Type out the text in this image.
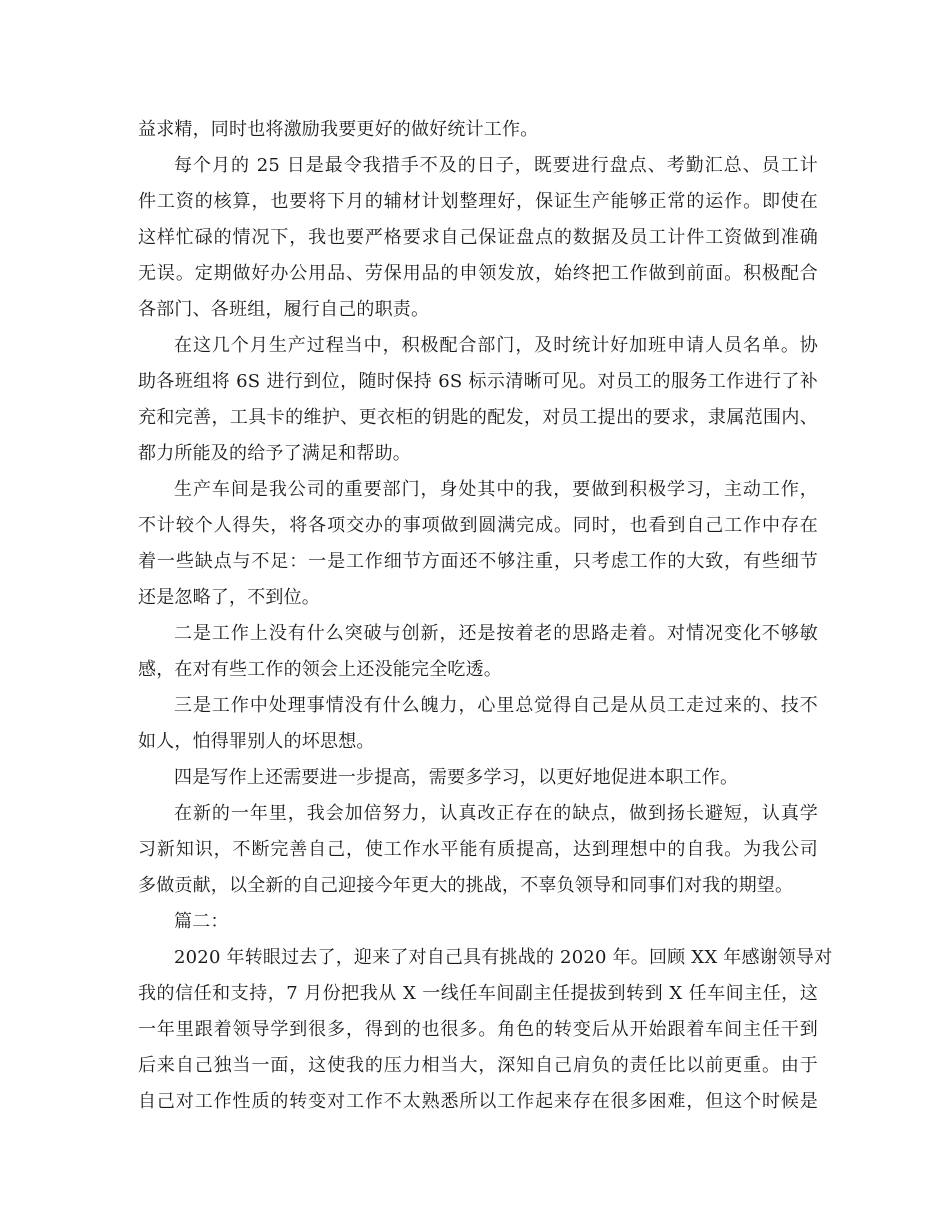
益求精，同时也将激励我要更好的做好统计工作。
每个月的 25 日是最令我措手不及的日子，既要进行盘点、考勤汇总、员工计
件工资的核算，也要将下月的辅材计划整理好，保证生产能够正常的运作。即使在
这样忙碌的情况下，我也要严格要求自己保证盘点的数据及员工计件工资做到准确
无误。定期做好办公用品、劳保用品的申领发放，始终把工作做到前面。积极配合
各部门、各班组，履行自己的职责。
在这几个月生产过程当中，积极配合部门，及时统计好加班申请人员名单。协
助各班组将 6S 进行到位，随时保持 6S 标示清晰可见。对员工的服务工作进行了补
充和完善，工具卡的维护、更衣柜的钥匙的配发，对员工提出的要求，隶属范围内、
都力所能及的给予了满足和帮助。
生产车间是我公司的重要部门，身处其中的我，要做到积极学习，主动工作，
不计较个人得失，将各项交办的事项做到圆满完成。同时，也看到自己工作中存在
着一些缺点与不足：一是工作细节方面还不够注重，只考虑工作的大致，有些细节
还是忽略了，不到位。
二是工作上没有什么突破与创新，还是按着老的思路走着。对情况变化不够敏
感，在对有些工作的领会上还没能完全吃透。
三是工作中处理事情没有什么魄力，心里总觉得自己是从员工走过来的、技不
如人，怕得罪别人的坏思想。
四是写作上还需要进一步提高，需要多学习，以更好地促进本职工作。
在新的一年里，我会加倍努力，认真改正存在的缺点，做到扬长避短，认真学
习新知识，不断完善自己，使工作水平能有质提高，达到理想中的自我。为我公司
多做贡献，以全新的自己迎接今年更大的挑战，不辜负领导和同事们对我的期望。
篇二：
2020 年转眼过去了，迎来了对自己具有挑战的 2020 年。回顾 XX 年感谢领导对
我的信任和支持，7 月份把我从 X 一线任车间副主任提拔到转到 X 任车间主任，这
一年里跟着领导学到很多，得到的也很多。角色的转变后从开始跟着车间主任干到
后来自己独当一面，这使我的压力相当大，深知自己肩负的责任比以前更重。由于
自己对工作性质的转变对工作不太熟悉所以工作起来存在很多困难，但这个时候是
